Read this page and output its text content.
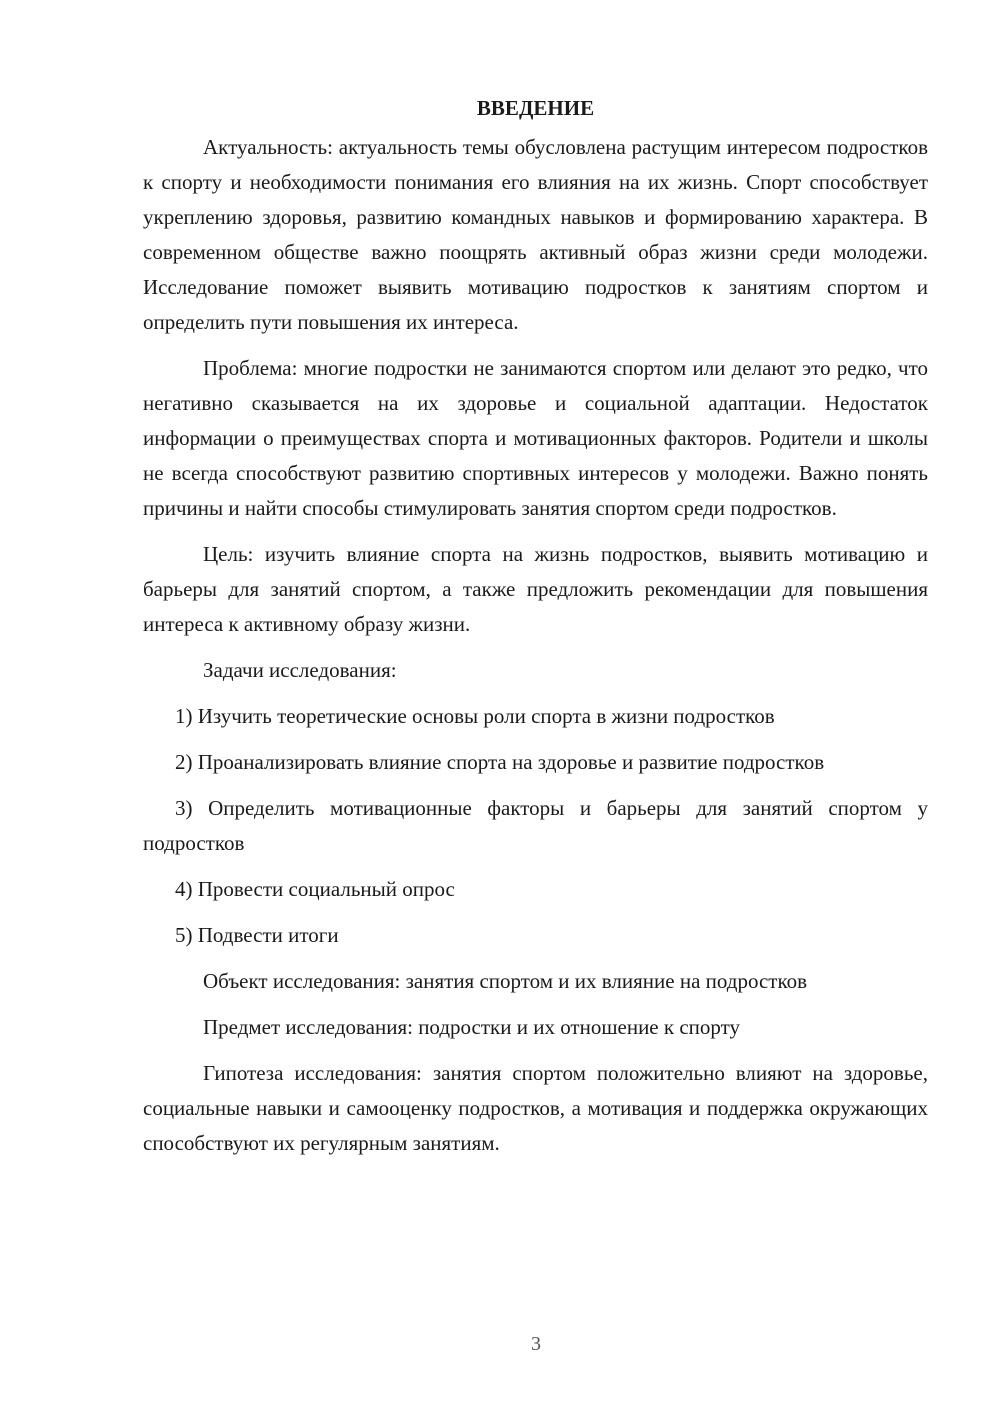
ВВЕДЕНИЕ

Актуальность: актуальность темы обусловлена растущим интересом подростков к спорту и необходимости понимания его влияния на их жизнь. Спорт способствует укреплению здоровья, развитию командных навыков и формированию характера. В современном обществе важно поощрять активный образ жизни среди молодежи. Исследование поможет выявить мотивацию подростков к занятиям спортом и определить пути повышения их интереса.

Проблема: многие подростки не занимаются спортом или делают это редко, что негативно сказывается на их здоровье и социальной адаптации. Недостаток информации о преимуществах спорта и мотивационных факторов. Родители и школы не всегда способствуют развитию спортивных интересов у молодежи. Важно понять причины и найти способы стимулировать занятия спортом среди подростков.

Цель: изучить влияние спорта на жизнь подростков, выявить мотивацию и барьеры для занятий спортом, а также предложить рекомендации для повышения интереса к активному образу жизни.

Задачи исследования:

1) Изучить теоретические основы роли спорта в жизни подростков

2) Проанализировать влияние спорта на здоровье и развитие подростков

3) Определить мотивационные факторы и барьеры для занятий спортом у подростков

4) Провести социальный опрос

5) Подвести итоги

Объект исследования: занятия спортом и их влияние на подростков

Предмет исследования: подростки и их отношение к спорту

Гипотеза исследования: занятия спортом положительно влияют на здоровье, социальные навыки и самооценку подростков, а мотивация и поддержка окружающих способствуют их регулярным занятиям.

3
